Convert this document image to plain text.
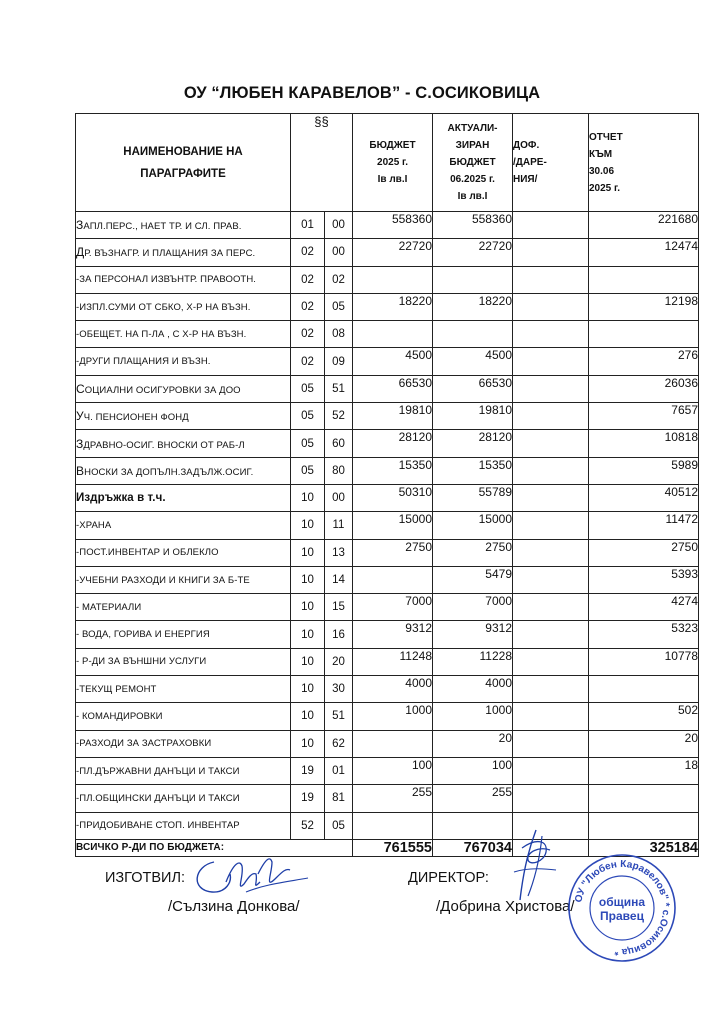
ОУ “ЛЮБЕН КАРАВЕЛОВ” - С.ОСИКОВИЦА
НАИМЕНОВАНИЕ НА
ПАРАГРАФИТЕ	§§		БЮДЖЕТ
2025 г.
Iв лв.I	АКТУАЛИ-
ЗИРАН
БЮДЖЕТ
06.2025 г.
Iв лв.I	ДОФ.
/ДАРЕ-
НИЯ/	ОТЧЕТ
КЪМ
30.06
2025 г.
ЗАПЛ.ПЕРС., НАЕТ ТР. И СЛ. ПРАВ.	01	00	558360	558360		221680
ДР. ВЪЗНАГР. И ПЛАЩАНИЯ ЗА ПЕРС.	02	00	22720	22720		12474
-ЗА ПЕРСОНАЛ ИЗВЪНТР. ПРАВООТН.	02	02				
-ИЗПЛ.СУМИ ОТ СБКО, Х-Р НА ВЪЗН.	02	05	18220	18220		12198
-ОБЕЩЕТ. НА П-ЛА , С Х-Р НА ВЪЗН.	02	08				
-ДРУГИ ПЛАЩАНИЯ И ВЪЗН.	02	09	4500	4500		276
СОЦИАЛНИ ОСИГУРОВКИ ЗА ДОО	05	51	66530	66530		26036
УЧ. ПЕНСИОНЕН ФОНД	05	52	19810	19810		7657
ЗДРАВНО-ОСИГ. ВНОСКИ ОТ РАБ-Л	05	60	28120	28120		10818
ВНОСКИ ЗА ДОПЪЛН.ЗАДЪЛЖ.ОСИГ.	05	80	15350	15350		5989
Издръжка в т.ч.	10	00	50310	55789		40512
-ХРАНА	10	11	15000	15000		11472
-ПОСТ.ИНВЕНТАР И ОБЛЕКЛО	10	13	2750	2750		2750
-УЧЕБНИ РАЗХОДИ И КНИГИ ЗА Б-ТЕ	10	14		5479		5393
- МАТЕРИАЛИ	10	15	7000	7000		4274
- ВОДА, ГОРИВА И ЕНЕРГИЯ	10	16	9312	9312		5323
- Р-ДИ ЗА ВЪНШНИ УСЛУГИ	10	20	11248	11228		10778
-ТЕКУЩ РЕМОНТ	10	30	4000	4000		
- КОМАНДИРОВКИ	10	51	1000	1000		502
-РАЗХОДИ ЗА ЗАСТРАХОВКИ	10	62		20		20
-ПЛ.ДЪРЖАВНИ ДАНЪЦИ И ТАКСИ	19	01	100	100		18
-ПЛ.ОБЩИНСКИ ДАНЪЦИ И ТАКСИ	19	81	255	255		
-ПРИДОБИВАНЕ СТОП. ИНВЕНТАР	52	05				
ВСИЧКО Р-ДИ ПО БЮДЖЕТА:			761555	767034		325184
ИЗГОТВИЛ:
/Сълзина Донкова/
ДИРЕКТОР:
/Добрина Христова/
ОУ "Любен Каравелов" * с.Осиковица *
община
Правец
